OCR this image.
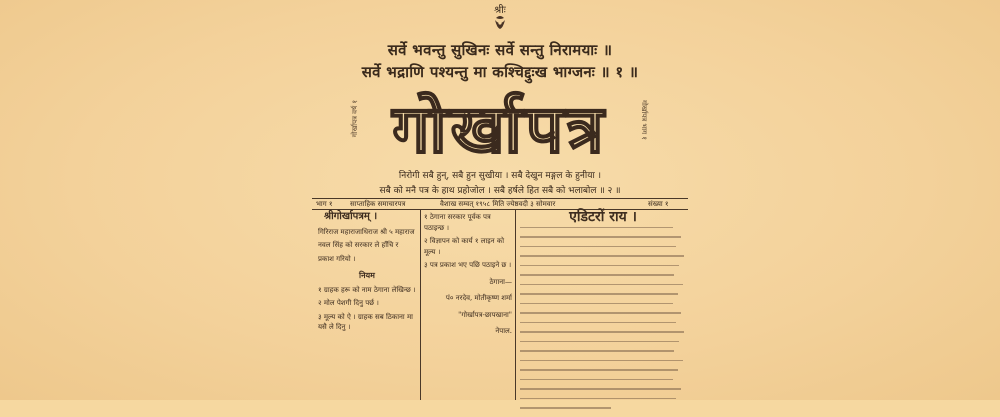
श्रीः
सर्वे भवन्तु सुखिनः सर्वे सन्तु निरामयाः ॥
सर्वे भद्राणि पश्यन्तु मा कश्चिद्दुःख भाग्जनः ॥ १ ॥
गोर्खापत्र वर्ष १ गोर्खापत्र	गोर्खापत्र भाग १
निरोगी सबै हुन्, सबै हुन सुखीया । सबै देखुन मङ्गल के हुनीया ।
सबै को मनै पत्र के हाथ प्रहोजोल । सबै हर्षले हित सबै को भलाबोल ॥ २ ॥
भाग १ साप्ताहिक समाचारपत्र	वैशाख सम्वत् १९५८ मिति ज्येष्ठवदी ३ सोमवार	संख्या १

श्रीगोर्खापत्रम् ।

गिरिराज महाराजाधिराज श्री ५ महाराज

नवल सिंह को सरकार ले हाँचि र

प्रकाश गरियो ।

नियम

१ ग्राहक हरू को नाम ठेगाना लेखिन्छ ।

२ मोल पेशगी दिनु पर्छ ।

३ मूल्य को ऐ । ग्राहक सब ठिकाना मा यसै ले दिनु ।

१ ठेगाना सरकार पूर्वक पत्र पठाइन्छ ।

२ विज्ञापन को कार्य १ लाइन को मूल्य ।

३ पत्र प्रकाश भए पछि पठाइने छ ।

ठेगाना—

पं० नरदेव, मोतीकृष्ण शर्मा

"गोर्खापत्र-छापखाना"

नेपाल.

एडिटरों राय ।
